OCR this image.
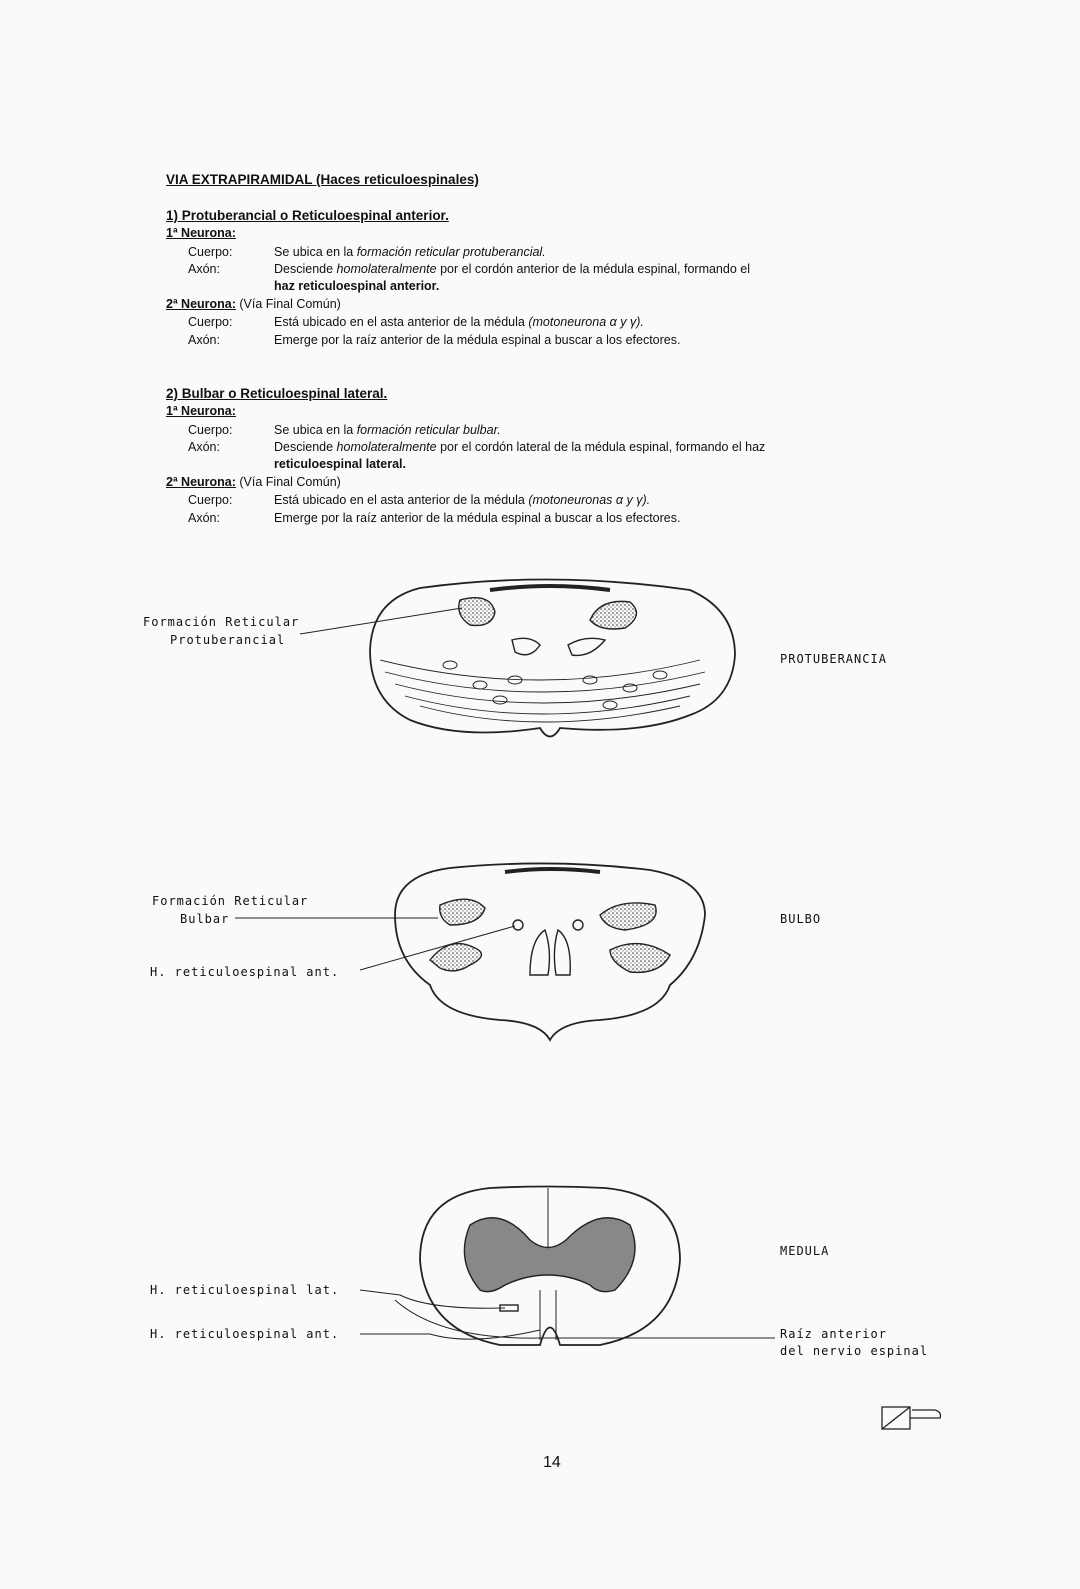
VIA EXTRAPIRAMIDAL (Haces reticuloespinales)
1) Protuberancial o Reticuloespinal anterior.
1ª Neurona:
Cuerpo:	Se ubica en la formación reticular protuberancial.
Axón:	Desciende homolateralmente por el cordón anterior de la médula espinal, formando el
haz reticuloespinal anterior.
2ª Neurona: (Vía Final Común)
Cuerpo:	Está ubicado en el asta anterior de la médula (motoneurona α y γ).
Axón:	Emerge por la raíz anterior de la médula espinal a buscar a los efectores.
2) Bulbar o Reticuloespinal lateral.
1ª Neurona:
Cuerpo:	Se ubica en la formación reticular bulbar.
Axón:	Desciende homolateralmente por el cordón lateral de la médula espinal, formando el haz
reticuloespinal lateral.
2ª Neurona: (Vía Final Común)
Cuerpo:	Está ubicado en el asta anterior de la médula (motoneuronas α y γ).
Axón:	Emerge por la raíz anterior de la médula espinal a buscar a los efectores.
Formación Reticular
Protuberancial
PROTUBERANCIA
Formación Reticular
Bulbar
H. reticuloespinal ant.
BULBO
MEDULA
H. reticuloespinal lat.
H. reticuloespinal ant.	Raíz anterior
del nervio espinal
14
